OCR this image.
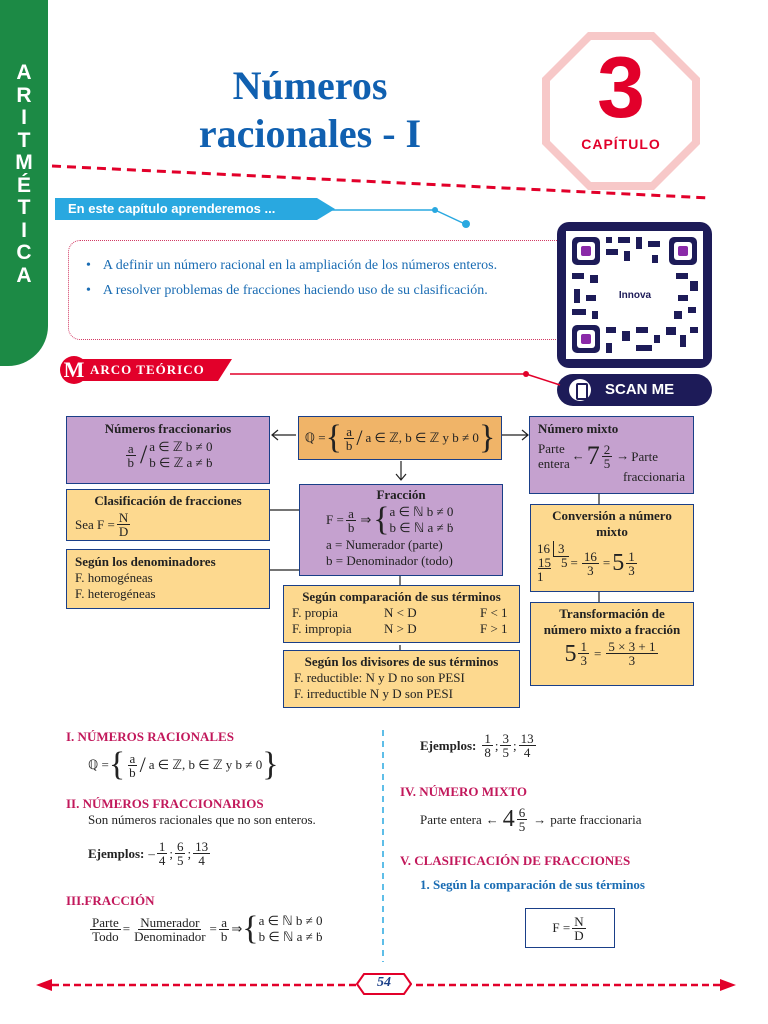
A
R
I
T
M
É
T
I
C
A
Números
racionales - I	3
CAPÍTULO
En este capítulo aprenderemos ...
• A definir un número racional en la ampliación de los números enteros.
• A resolver problemas de fracciones haciendo uso de su clasificación.	Innova
SCAN ME
M ARCO TEÓRICO
Números fraccionarios
$\frac{a}{b}$ / a ∈ ℤ b ≠ 0
b ∈ ℤ a ≠ ḃ
ℚ = { $\frac{a}{b}$ / a ∈ ℤ, b ∈ ℤ y b ≠ 0 }	Número mixto
Parte
entera
← $7 \frac{2}{5}$ → Parte
fraccionaria
Clasificación de fracciones
Sea $F = \frac{N}{D}$
Fracción
$F = \frac{a}{b}$ ⇒ { a ∈ ℕ b ≠ 0
b ∈ ℕ a ≠ ḃ
a = Numerador (parte)
b = Denominador (todo)
Conversión a número mixto
16 3
15 5
1
= $\frac{16}{3} = 5 \frac{1}{3}$
Según los denominadores
F. homogéneas
F. heterogéneas	Según comparación de sus términos
F. propia	N < D	F < 1
F. impropia	N > D	F > 1
Transformación de número mixto a fracción
$5 \frac{1}{3} = \frac{5 \times 3 + 1}{3}$
Según los divisores de sus términos
F. reductible: N y D no son PESI
F. irreductible N y D son PESI
I. NÚMEROS RACIONALES
ℚ = { $\frac{a}{b}$ / a ∈ ℤ, b ∈ ℤ y b ≠ 0 }
II. NÚMEROS FRACCIONARIOS
Son números racionales que no son enteros.
Ejemplos: – $\frac{1}{4}$ ; $\frac{6}{5}$ ; $\frac{13}{4}$
III.FRACCIÓN
$\frac{\text{Parte}}{\text{Todo}} = \frac{\text{Numerador}}{\text{Denominador}} = \frac{a}{b}$ ⇒ { a ∈ ℕ b ≠ 0
b ∈ ℕ a ≠ ḃ
Ejemplos: $\frac{1}{8}$ ; $\frac{3}{5}$ ; $\frac{13}{4}$
IV. NÚMERO MIXTO
Parte entera ← $4 \frac{6}{5}$ → parte fraccionaria
V. CLASIFICACIÓN DE FRACCIONES
1. Según la comparación de sus términos
$F = \frac{N}{D}$
54
